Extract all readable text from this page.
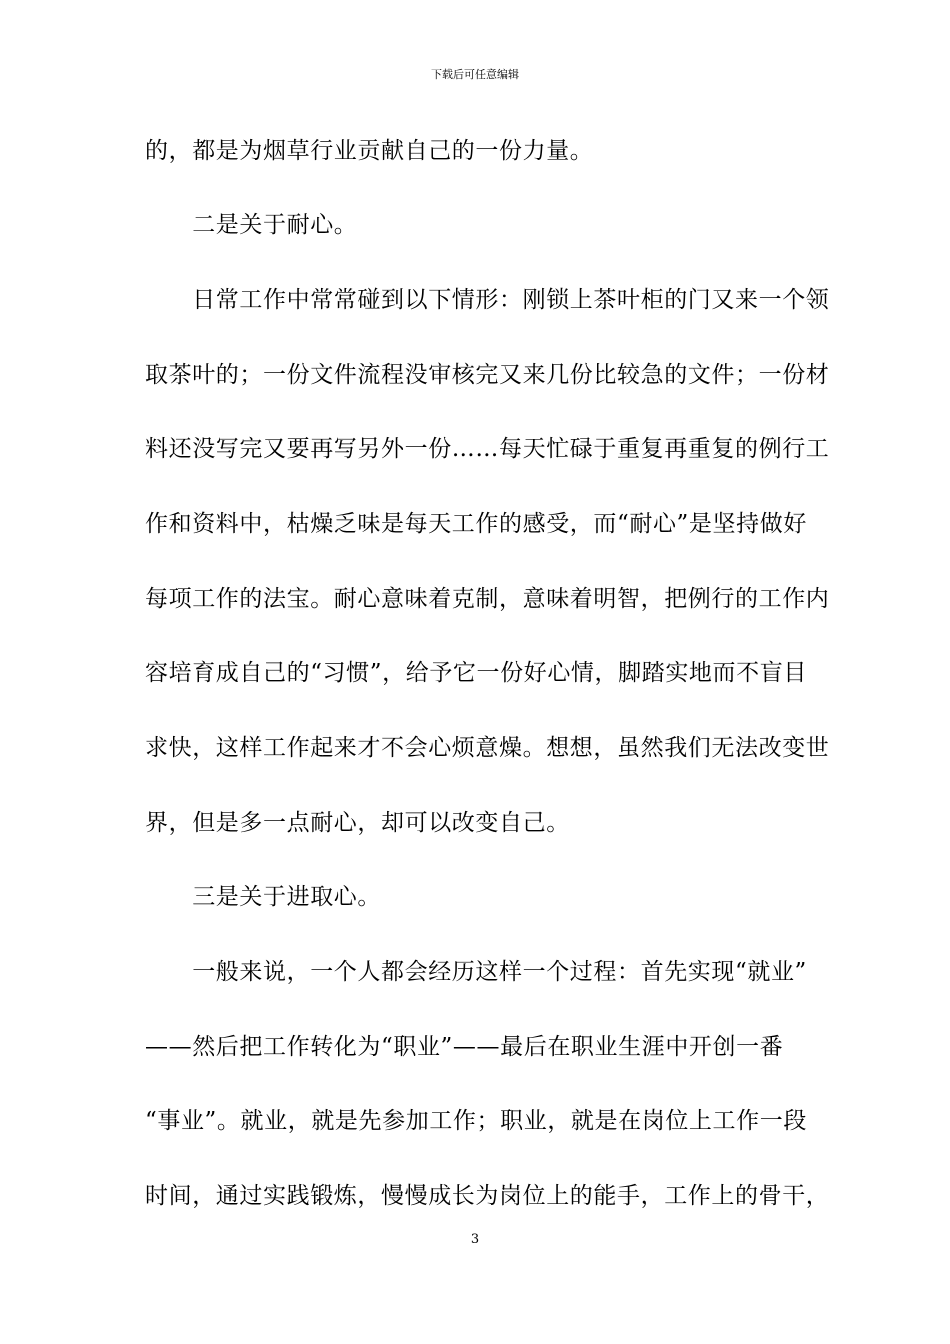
下载后可任意编辑
的，都是为烟草行业贡献自己的一份力量。
　　二是关于耐心。
　　日常工作中常常碰到以下情形：刚锁上茶叶柜的门又来一个领
取茶叶的；一份文件流程没审核完又来几份比较急的文件；一份材
料还没写完又要再写另外一份……每天忙碌于重复再重复的例行工
作和资料中，枯燥乏味是每天工作的感受，而“耐心”是坚持做好
每项工作的法宝。耐心意味着克制，意味着明智，把例行的工作内
容培育成自己的“习惯”，给予它一份好心情，脚踏实地而不盲目
求快，这样工作起来才不会心烦意燥。想想，虽然我们无法改变世
界，但是多一点耐心，却可以改变自己。
　　三是关于进取心。
　　一般来说，一个人都会经历这样一个过程：首先实现“就业”
——然后把工作转化为“职业”——最后在职业生涯中开创一番
“事业”。就业，就是先参加工作；职业，就是在岗位上工作一段
时间，通过实践锻炼，慢慢成长为岗位上的能手，工作上的骨干，
3
